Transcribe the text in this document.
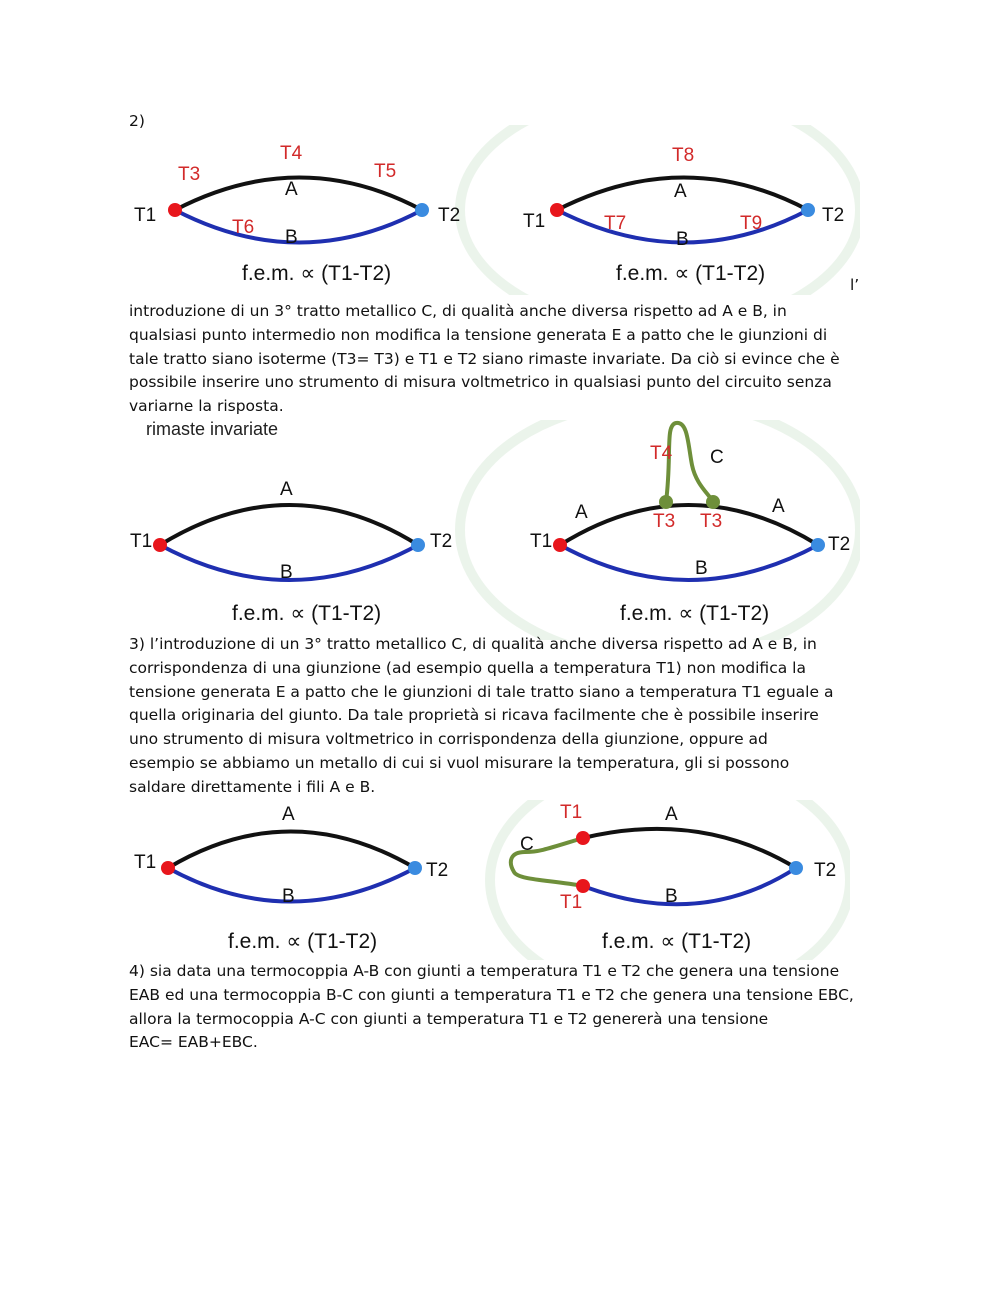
2)
T1	T2
T3
T4
T5
T6
A
B
f.e.m. ∝ (T1-T2)
T1	T2
T8
T7	T9
A
B
f.e.m. ∝ (T1-T2)	l’
introduzione di un 3° tratto metallico C, di qualità anche diversa rispetto ad A e B, in
qualsiasi punto intermedio non modifica la tensione generata E a patto che le giunzioni di
tale tratto siano isoterme (T3= T3) e T1 e T2 siano rimaste invariate. Da ciò si evince che è
possibile inserire uno strumento di misura voltmetrico in qualsiasi punto del circuito senza
variarne la risposta.
rimaste invariate
T1	T2
A
B
f.e.m. ∝ (T1-T2)
T1	T2
T4 C
T3 T3
A	A
B
f.e.m. ∝ (T1-T2)
3) l’introduzione di un 3° tratto metallico C, di qualità anche diversa rispetto ad A e B, in
corrispondenza di una giunzione (ad esempio quella a temperatura T1) non modifica la
tensione generata E a patto che le giunzioni di tale tratto siano a temperatura T1 eguale a
quella originaria del giunto. Da tale proprietà si ricava facilmente che è possibile inserire
uno strumento di misura voltmetrico in corrispondenza della giunzione, oppure ad
esempio se abbiamo un metallo di cui si vuol misurare la temperatura, gli si possono
saldare direttamente i fili A e B.
T1	T2
A
B
f.e.m. ∝ (T1-T2)
T1
T1
C
A
B
T2
f.e.m. ∝ (T1-T2)
4) sia data una termocoppia A-B con giunti a temperatura T1 e T2 che genera una tensione
EAB ed una termocoppia B-C con giunti a temperatura T1 e T2 che genera una tensione EBC,
allora la termocoppia A-C con giunti a temperatura T1 e T2 genererà una tensione
EAC= EAB+EBC.
